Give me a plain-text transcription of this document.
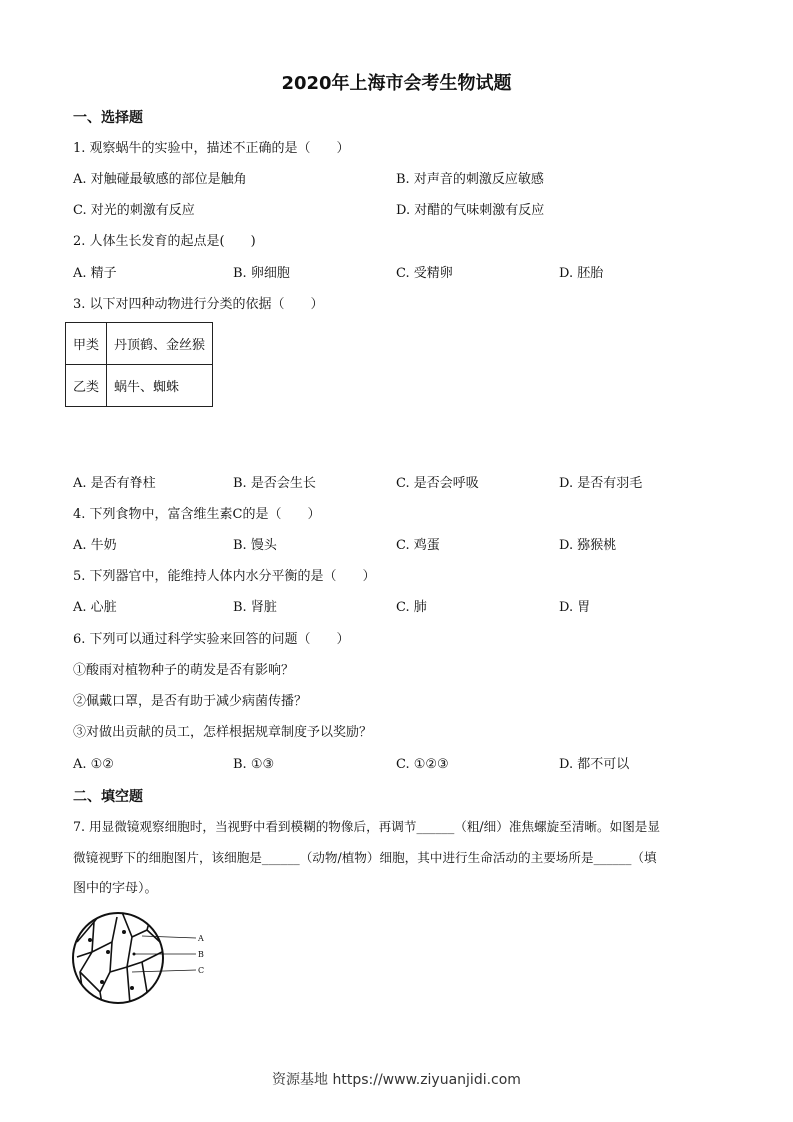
2020年上海市会考生物试题
一、选择题
1. 观察蜗牛的实验中，描述不正确的是（　　）
A. 对触碰最敏感的部位是触角	B. 对声音的刺激反应敏感
C. 对光的刺激有反应	D. 对醋的气味刺激有反应
2. 人体生长发育的起点是(　　)
A. 精子	B. 卵细胞	C. 受精卵	D. 胚胎
3. 以下对四种动物进行分类的依据（　　）
甲类	丹顶鹤、金丝猴
乙类	蜗牛、蜘蛛
A. 是否有脊柱	B. 是否会生长	C. 是否会呼吸	D. 是否有羽毛
4. 下列食物中，富含维生素C的是（　　）
A. 牛奶	B. 馒头	C. 鸡蛋	D. 猕猴桃
5. 下列器官中，能维持人体内水分平衡的是（　　）
A. 心脏	B. 肾脏	C. 肺	D. 胃
6. 下列可以通过科学实验来回答的问题（　　）
①酸雨对植物种子的萌发是否有影响？
②佩戴口罩，是否有助于减少病菌传播？
③对做出贡献的员工，怎样根据规章制度予以奖励？
A. ①②	B. ①③	C. ①②③	D. 都不可以
二、填空题
7. 用显微镜观察细胞时，当视野中看到模糊的物像后，再调节______（粗/细）准焦螺旋至清晰。如图是显
微镜视野下的细胞图片，该细胞是______（动物/植物）细胞，其中进行生命活动的主要场所是______（填
图中的字母）。
A
B
C
资源基地 https://www.ziyuanjidi.com
